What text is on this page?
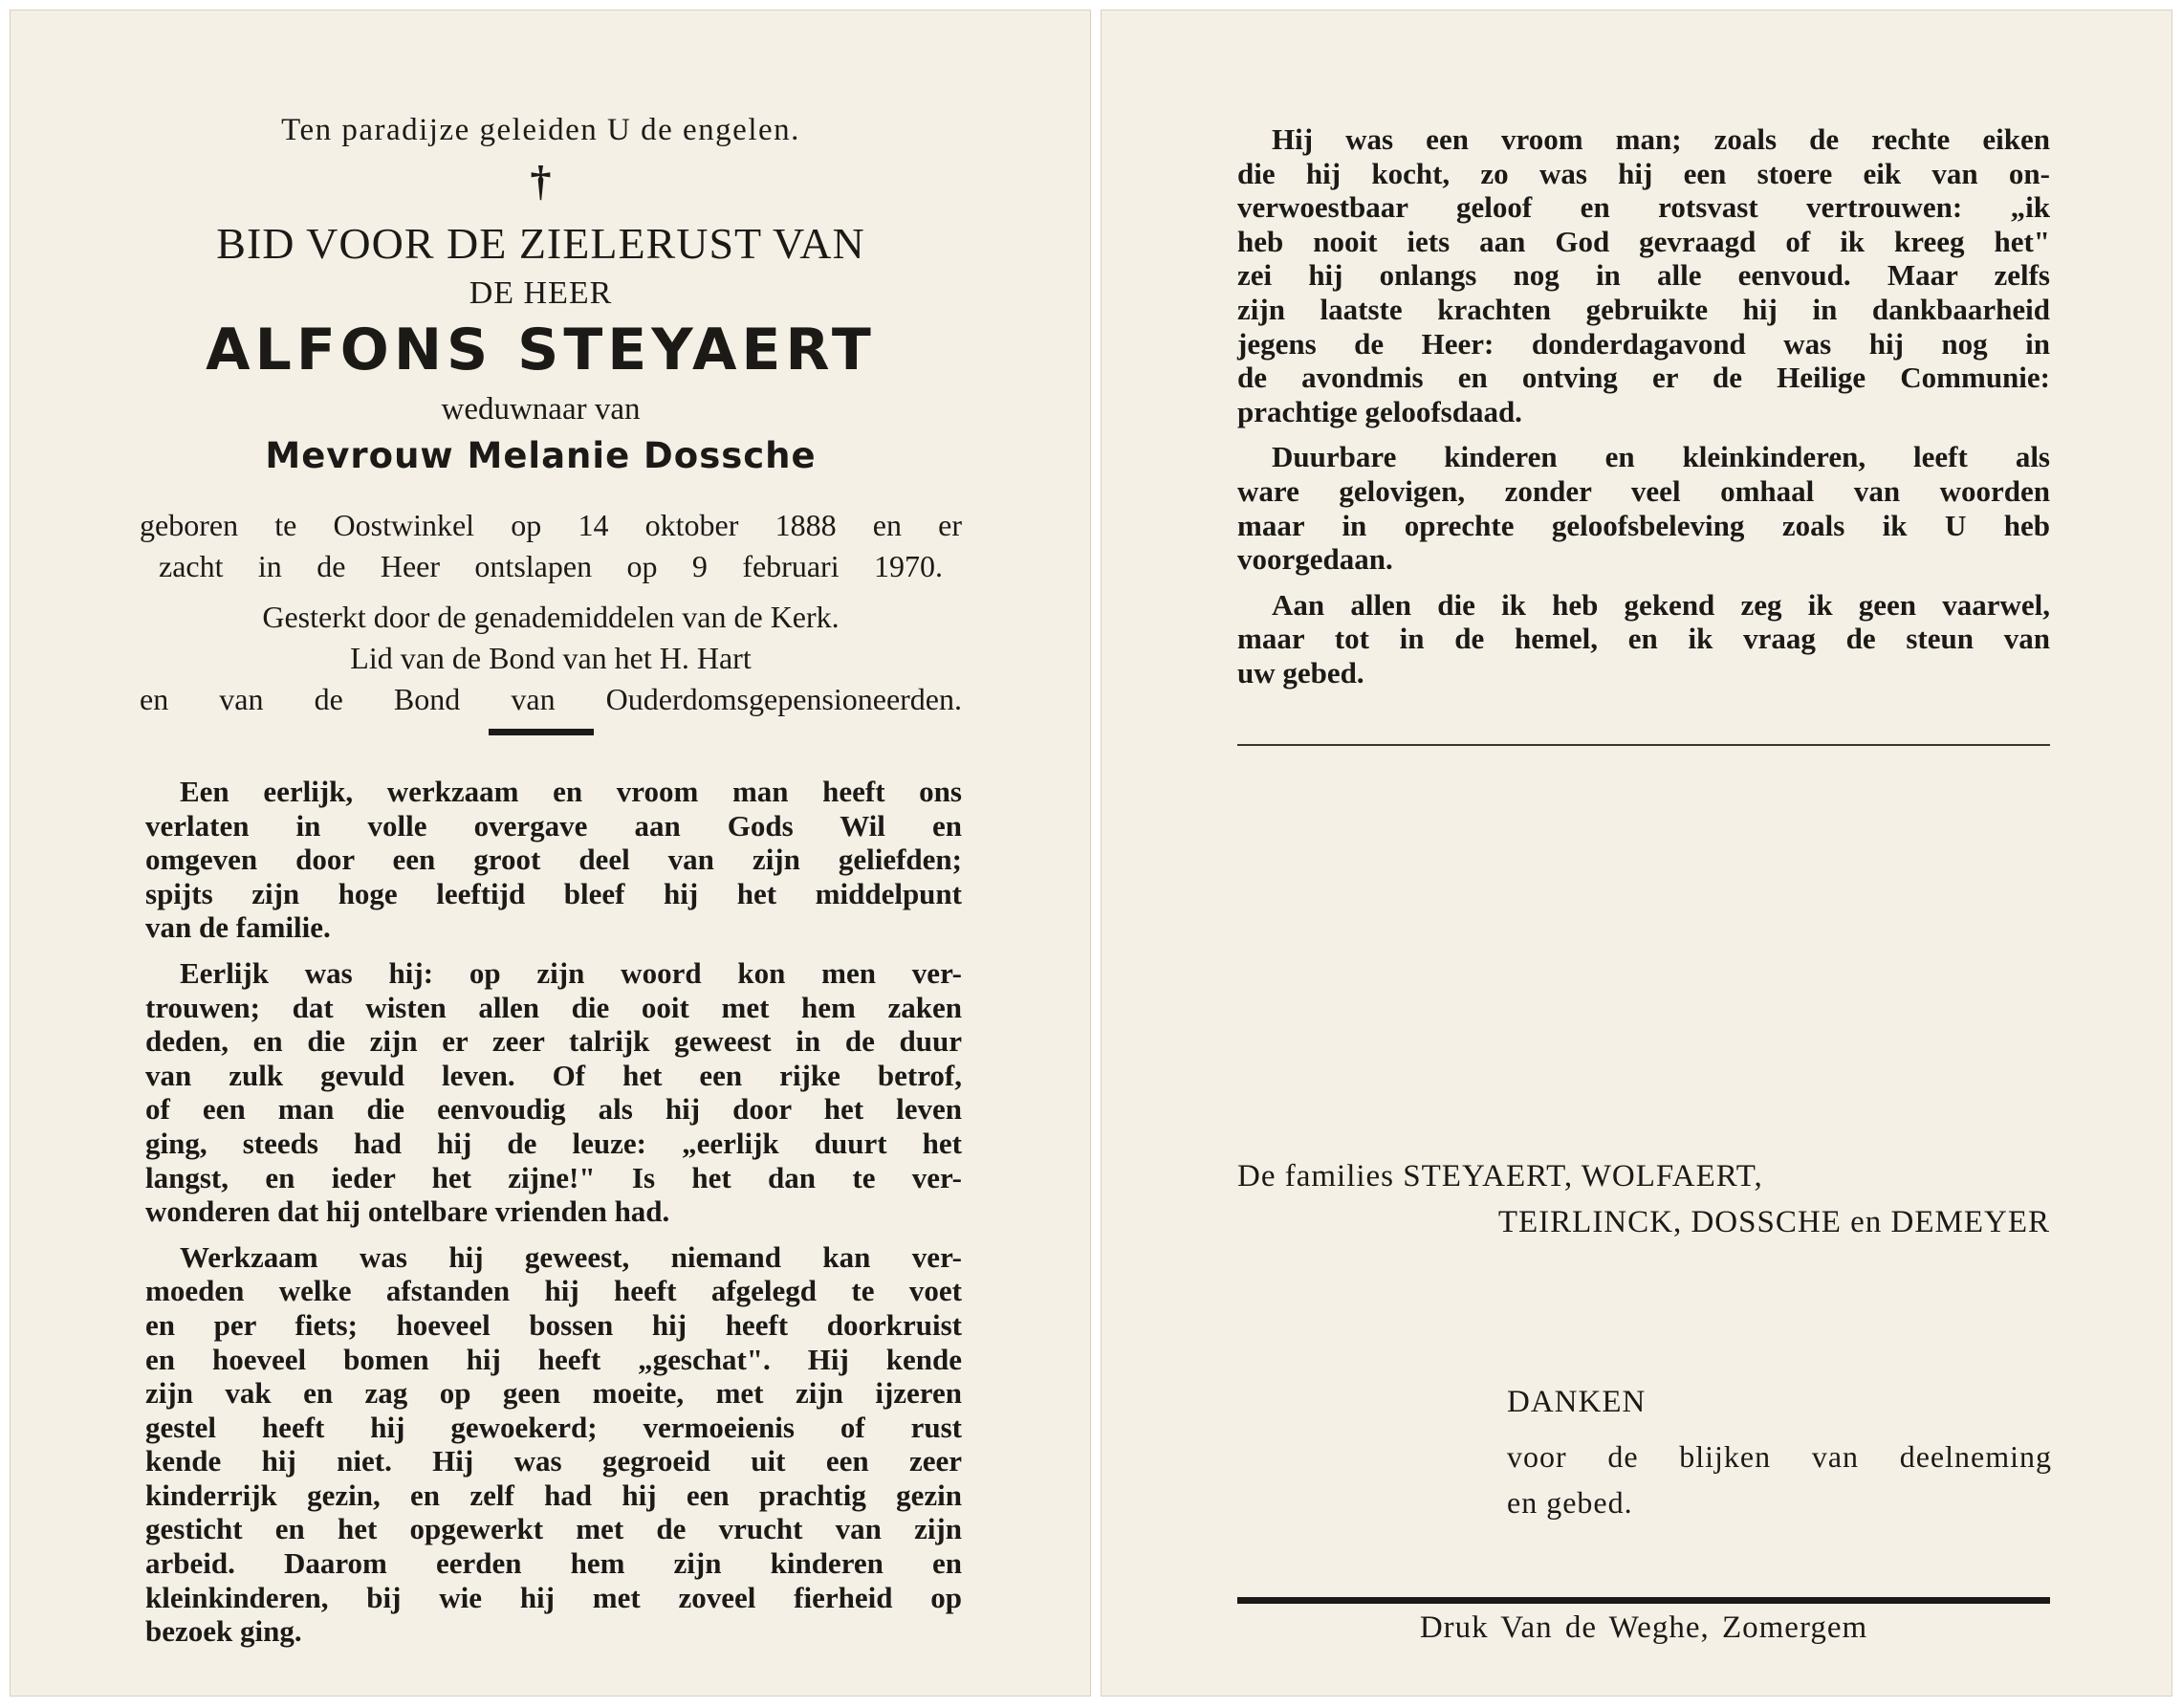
Ten paradijze geleiden U de engelen.
†
BID VOOR DE ZIELERUST VAN
DE HEER
ALFONS STEYAERT
weduwnaar van
Mevrouw Melanie Dossche
geboren te Oostwinkel op 14 oktober 1888 en er
zacht in de Heer ontslapen op 9 februari 1970.
Gesterkt door de genademiddelen van de Kerk.
Lid van de Bond van het H. Hart
en van de Bond van Ouderdomsgepensioneerden.

Een eerlijk, werkzaam en vroom man heeft ons
verlaten in volle overgave aan Gods Wil en
omgeven door een groot deel van zijn geliefden;
spijts zijn hoge leeftijd bleef hij het middelpunt
van de familie.

Eerlijk was hij: op zijn woord kon men ver-
trouwen; dat wisten allen die ooit met hem zaken
deden, en die zijn er zeer talrijk geweest in de duur
van zulk gevuld leven. Of het een rijke betrof,
of een man die eenvoudig als hij door het leven
ging, steeds had hij de leuze: „eerlijk duurt het
langst, en ieder het zijne!" Is het dan te ver-
wonderen dat hij ontelbare vrienden had.

Werkzaam was hij geweest, niemand kan ver-
moeden welke afstanden hij heeft afgelegd te voet
en per fiets; hoeveel bossen hij heeft doorkruist
en hoeveel bomen hij heeft „geschat". Hij kende
zijn vak en zag op geen moeite, met zijn ijzeren
gestel heeft hij gewoekerd; vermoeienis of rust
kende hij niet. Hij was gegroeid uit een zeer
kinderrijk gezin, en zelf had hij een prachtig gezin
gesticht en het opgewerkt met de vrucht van zijn
arbeid. Daarom eerden hem zijn kinderen en
kleinkinderen, bij wie hij met zoveel fierheid op
bezoek ging.

Hij was een vroom man; zoals de rechte eiken
die hij kocht, zo was hij een stoere eik van on-
verwoestbaar geloof en rotsvast vertrouwen: „ik
heb nooit iets aan God gevraagd of ik kreeg het"
zei hij onlangs nog in alle eenvoud. Maar zelfs
zijn laatste krachten gebruikte hij in dankbaarheid
jegens de Heer: donderdagavond was hij nog in
de avondmis en ontving er de Heilige Communie:
prachtige geloofsdaad.

Duurbare kinderen en kleinkinderen, leeft als
ware gelovigen, zonder veel omhaal van woorden
maar in oprechte geloofsbeleving zoals ik U heb
voorgedaan.

Aan allen die ik heb gekend zeg ik geen vaarwel,
maar tot in de hemel, en ik vraag de steun van
uw gebed.

De families STEYAERT, WOLFAERT,
TEIRLINCK, DOSSCHE en DEMEYER
DANKEN
voor de blijken van deelneming
en gebed.
Druk Van de Weghe, Zomergem
